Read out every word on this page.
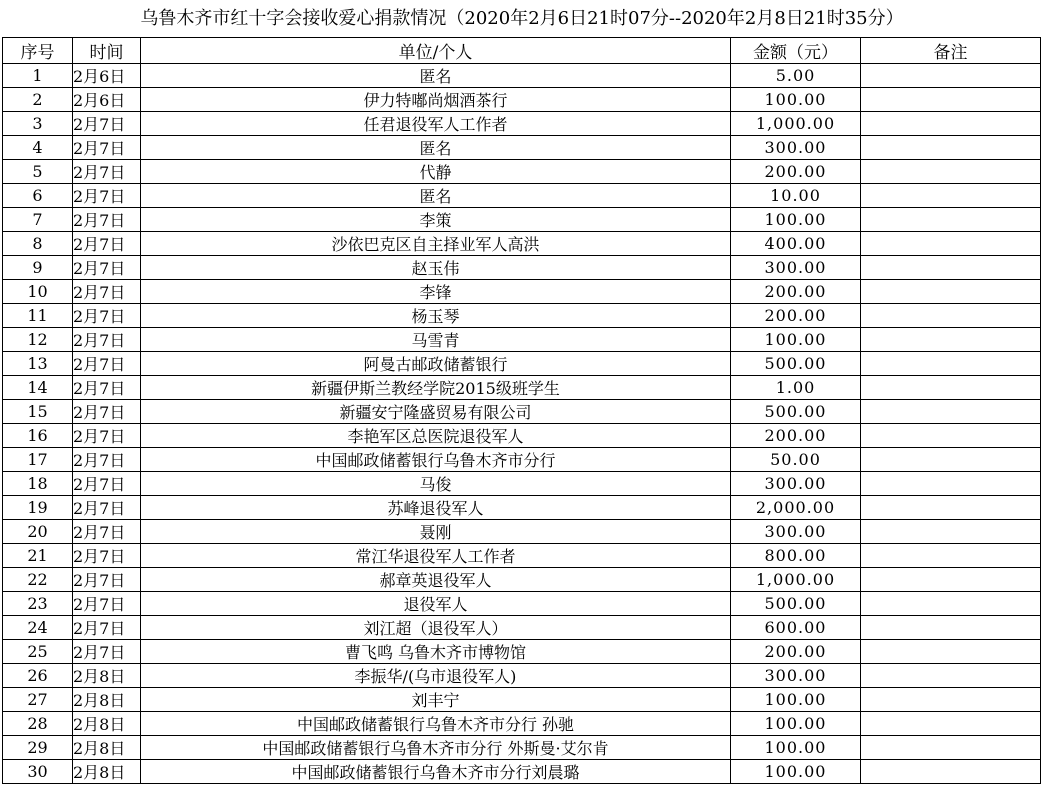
乌鲁木齐市红十字会接收爱心捐款情况（2020年2月6日21时07分--2020年2月8日21时35分）
序号	时间	单位/个人	金额（元）	备注
1	2月6日	匿名	5.00	
2	2月6日	伊力特嘟尚烟酒茶行	100.00	
3	2月7日	任君退役军人工作者	1,000.00	
4	2月7日	匿名	300.00	
5	2月7日	代静	200.00	
6	2月7日	匿名	10.00	
7	2月7日	李策	100.00	
8	2月7日	沙依巴克区自主择业军人高洪	400.00	
9	2月7日	赵玉伟	300.00	
10	2月7日	李锋	200.00	
11	2月7日	杨玉琴	200.00	
12	2月7日	马雪青	100.00	
13	2月7日	阿曼古邮政储蓄银行	500.00	
14	2月7日	新疆伊斯兰教经学院2015级班学生	1.00	
15	2月7日	新疆安宁隆盛贸易有限公司	500.00	
16	2月7日	李艳军区总医院退役军人	200.00	
17	2月7日	中国邮政储蓄银行乌鲁木齐市分行	50.00	
18	2月7日	马俊	300.00	
19	2月7日	苏峰退役军人	2,000.00	
20	2月7日	聂刚	300.00	
21	2月7日	常江华退役军人工作者	800.00	
22	2月7日	郝章英退役军人	1,000.00	
23	2月7日	退役军人	500.00	
24	2月7日	刘江超（退役军人）	600.00	
25	2月7日	曹飞鸣 乌鲁木齐市博物馆	200.00	
26	2月8日	李振华/(乌市退役军人)	300.00	
27	2月8日	刘丰宁	100.00	
28	2月8日	中国邮政储蓄银行乌鲁木齐市分行 孙驰	100.00	
29	2月8日	中国邮政储蓄银行乌鲁木齐市分行 外斯曼·艾尔肯	100.00	
30	2月8日	中国邮政储蓄银行乌鲁木齐市分行刘晨璐	100.00	
